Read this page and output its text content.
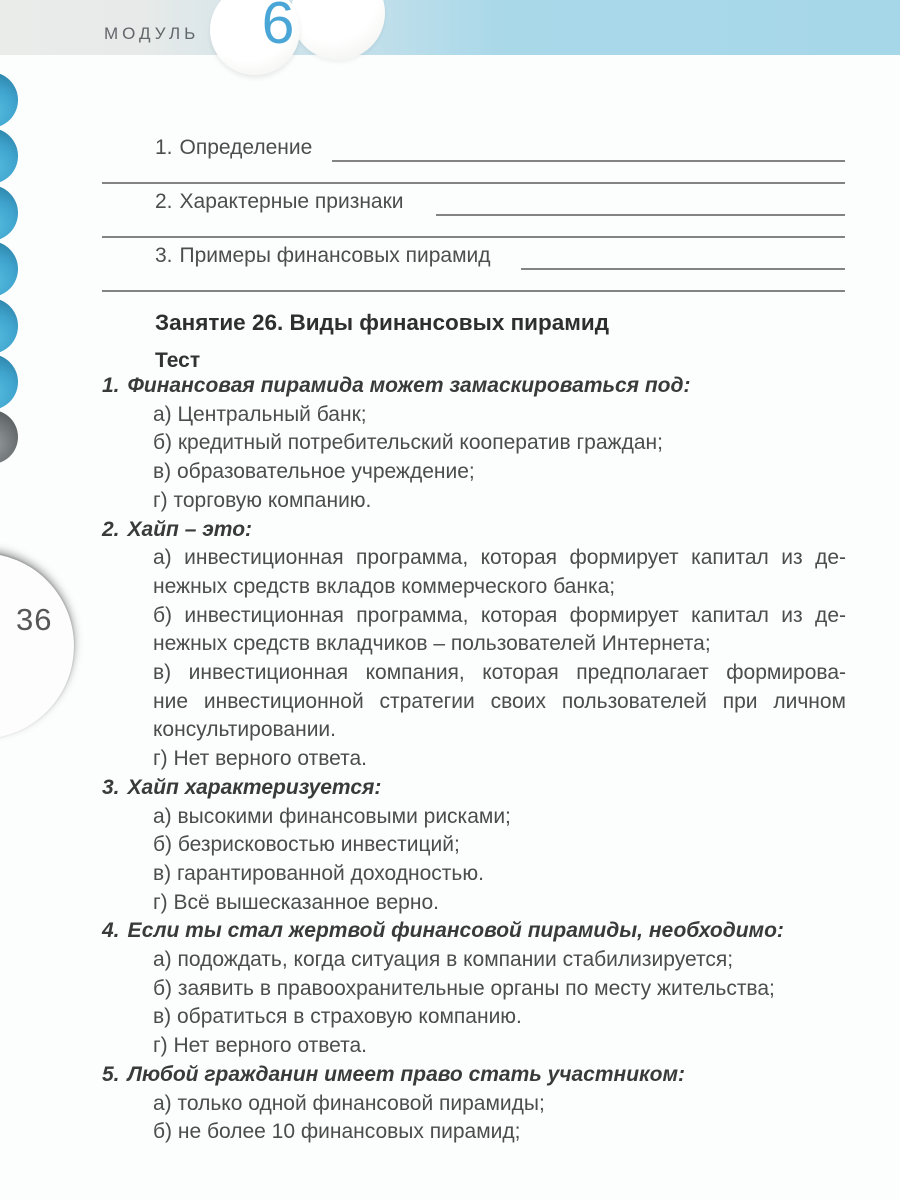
МОДУЛЬ 6
36
1. Определение
2. Характерные признаки
3. Примеры финансовых пирамид
Занятие 26. Виды финансовых пирамид
Тест
1. Финансовая пирамида может замаскироваться под:
а) Центральный банк;
б) кредитный потребительский кооператив граждан;
в) образовательное учреждение;
г) торговую компанию.
2. Хайп – это:
а) инвестиционная программа, которая формирует капитал из де-
нежных средств вкладов коммерческого банка;
б) инвестиционная программа, которая формирует капитал из де-
нежных средств вкладчиков – пользователей Интернета;
в) инвестиционная компания, которая предполагает формирова-
ние инвестиционной стратегии своих пользователей при личном
консультировании.
г) Нет верного ответа.
3. Хайп характеризуется:
а) высокими финансовыми рисками;
б) безрисковостью инвестиций;
в) гарантированной доходностью.
г) Всё вышесказанное верно.
4. Если ты стал жертвой финансовой пирамиды, необходимо:
а) подождать, когда ситуация в компании стабилизируется;
б) заявить в правоохранительные органы по месту жительства;
в) обратиться в страховую компанию.
г) Нет верного ответа.
5. Любой гражданин имеет право стать участником:
а) только одной финансовой пирамиды;
б) не более 10 финансовых пирамид;
